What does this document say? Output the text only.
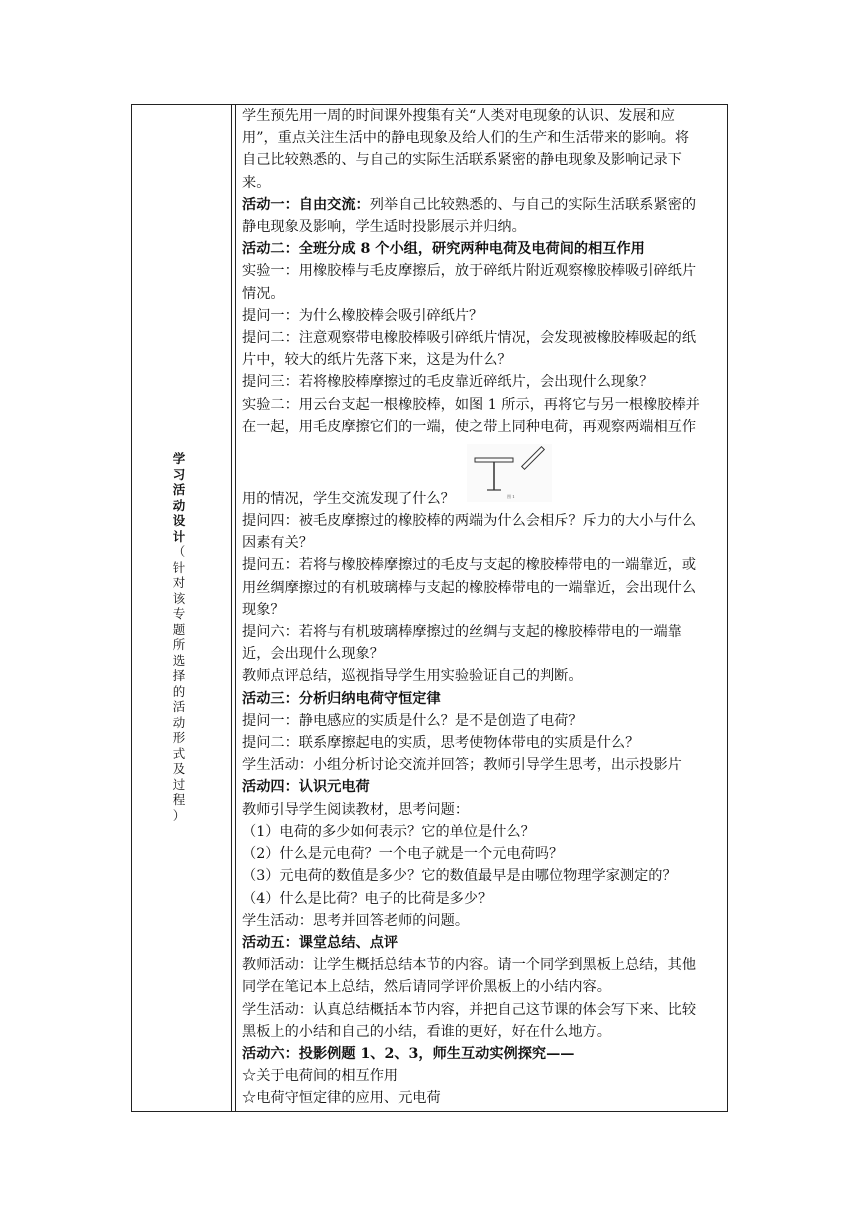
学
习
活
动
设
计
（
针
对
该
专
题
所
选
择
的
活
动
形
式
及
过
程
）
学生预先用一周的时间课外搜集有关“人类对电现象的认识、发展和应
用”，重点关注生活中的静电现象及给人们的生产和生活带来的影响。将
自己比较熟悉的、与自己的实际生活联系紧密的静电现象及影响记录下
来。
活动一：自由交流：列举自己比较熟悉的、与自己的实际生活联系紧密的
静电现象及影响，学生适时投影展示并归纳。
活动二：全班分成 8 个小组，研究两种电荷及电荷间的相互作用
实验一：用橡胶棒与毛皮摩擦后，放于碎纸片附近观察橡胶棒吸引碎纸片
情况。
提问一：为什么橡胶棒会吸引碎纸片？
提问二：注意观察带电橡胶棒吸引碎纸片情况，会发现被橡胶棒吸起的纸
片中，较大的纸片先落下来，这是为什么？
提问三：若将橡胶棒摩擦过的毛皮靠近碎纸片，会出现什么现象？
实验二：用云台支起一根橡胶棒，如图 1 所示，再将它与另一根橡胶棒并
在一起，用毛皮摩擦它们的一端，使之带上同种电荷，再观察两端相互作
用的情况，学生交流发现了什么？	图 1
提问四：被毛皮摩擦过的橡胶棒的两端为什么会相斥？斥力的大小与什么
因素有关？
提问五：若将与橡胶棒摩擦过的毛皮与支起的橡胶棒带电的一端靠近，或
用丝绸摩擦过的有机玻璃棒与支起的橡胶棒带电的一端靠近，会出现什么
现象？
提问六：若将与有机玻璃棒摩擦过的丝绸与支起的橡胶棒带电的一端靠
近，会出现什么现象？
教师点评总结，巡视指导学生用实验验证自己的判断。
活动三：分析归纳电荷守恒定律
提问一：静电感应的实质是什么？是不是创造了电荷？
提问二：联系摩擦起电的实质，思考使物体带电的实质是什么？
学生活动：小组分析讨论交流并回答；教师引导学生思考，出示投影片
活动四：认识元电荷
教师引导学生阅读教材，思考问题：
（1）电荷的多少如何表示？它的单位是什么？
（2）什么是元电荷？一个电子就是一个元电荷吗？
（3）元电荷的数值是多少？它的数值最早是由哪位物理学家测定的？
（4）什么是比荷？电子的比荷是多少？
学生活动：思考并回答老师的问题。
活动五：课堂总结、点评
教师活动：让学生概括总结本节的内容。请一个同学到黑板上总结，其他
同学在笔记本上总结，然后请同学评价黑板上的小结内容。
学生活动：认真总结概括本节内容，并把自己这节课的体会写下来、比较
黑板上的小结和自己的小结，看谁的更好，好在什么地方。
活动六：投影例题 1、2、3，师生互动实例探究——
☆关于电荷间的相互作用
☆电荷守恒定律的应用、元电荷
